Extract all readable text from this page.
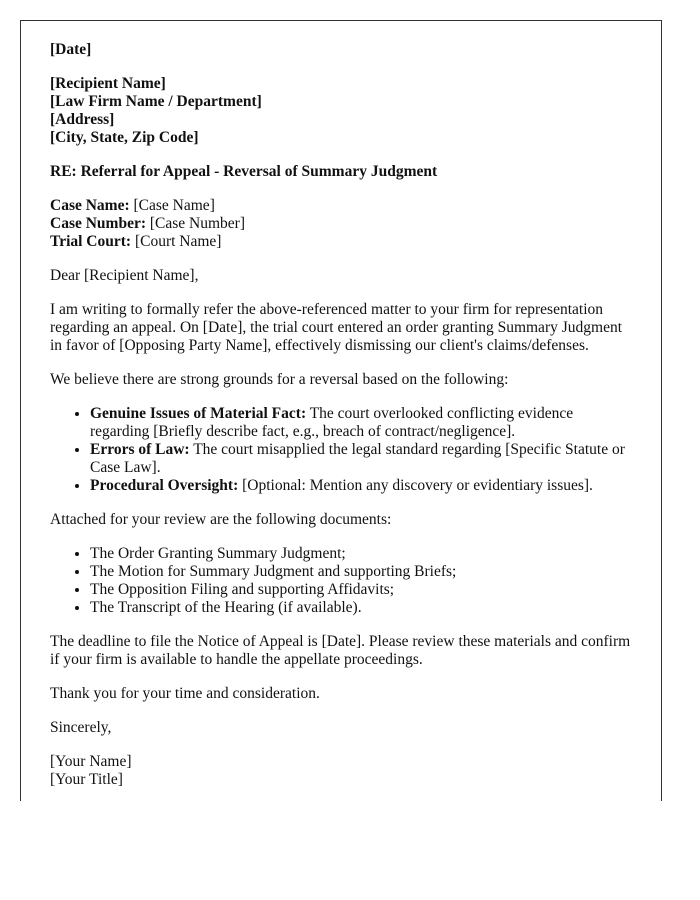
[Date]

[Recipient Name]
[Law Firm Name / Department]
[Address]
[City, State, Zip Code]

RE: Referral for Appeal - Reversal of Summary Judgment

Case Name: [Case Name]
Case Number: [Case Number]
Trial Court: [Court Name]

Dear [Recipient Name],

I am writing to formally refer the above-referenced matter to your firm for representation regarding an appeal. On [Date], the trial court entered an order granting Summary Judgment in favor of [Opposing Party Name], effectively dismissing our client's claims/defenses.

We believe there are strong grounds for a reversal based on the following:

• Genuine Issues of Material Fact: The court overlooked conflicting evidence regarding [Briefly describe fact, e.g., breach of contract/negligence].
• Errors of Law: The court misapplied the legal standard regarding [Specific Statute or Case Law].
• Procedural Oversight: [Optional: Mention any discovery or evidentiary issues].

Attached for your review are the following documents:

• The Order Granting Summary Judgment;
• The Motion for Summary Judgment and supporting Briefs;
• The Opposition Filing and supporting Affidavits;
• The Transcript of the Hearing (if available).

The deadline to file the Notice of Appeal is [Date]. Please review these materials and confirm if your firm is available to handle the appellate proceedings.

Thank you for your time and consideration.

Sincerely,

[Your Name]
[Your Title]
